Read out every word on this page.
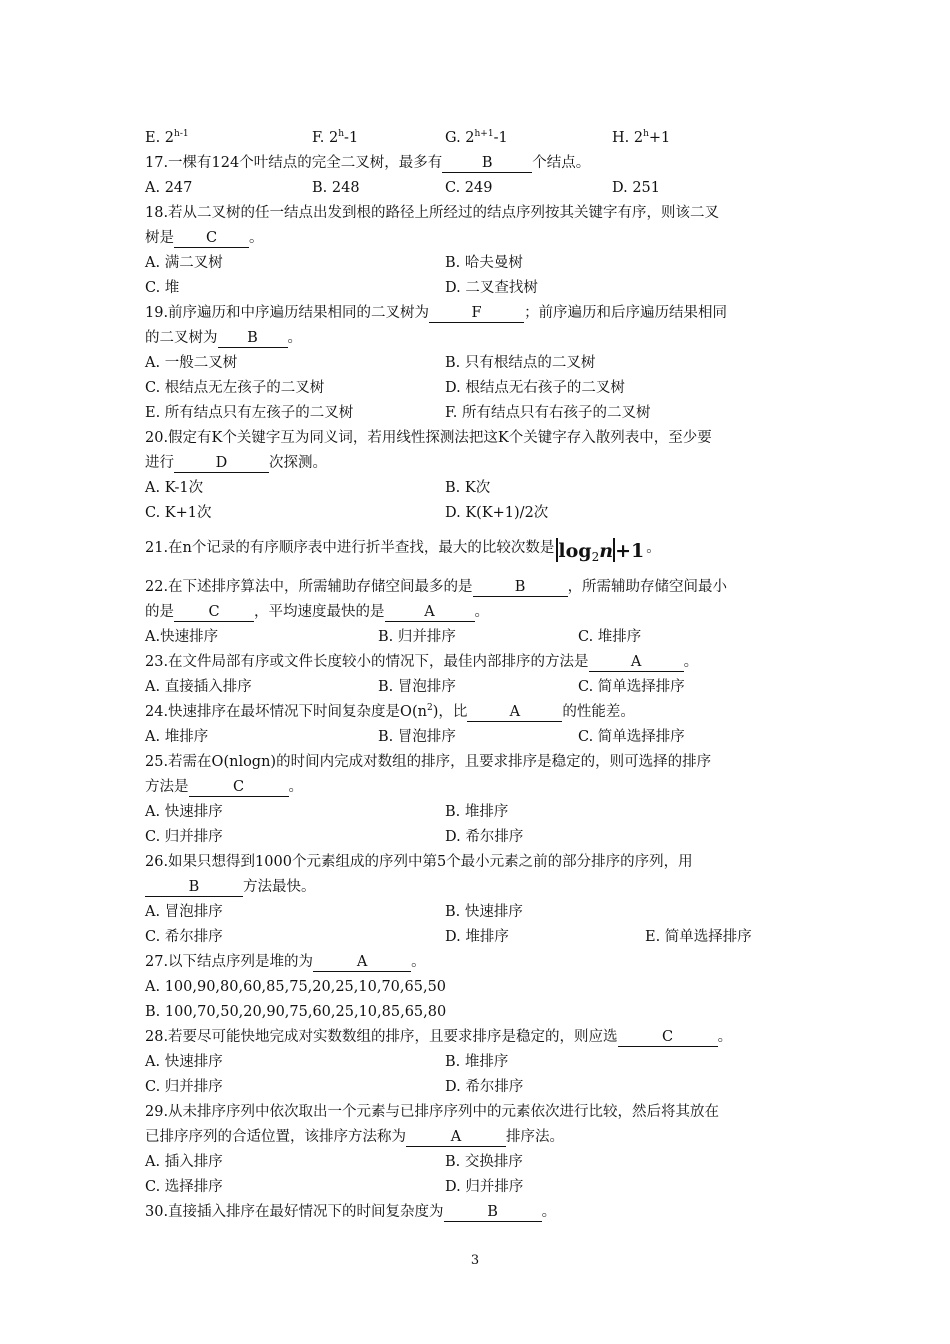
E. 2$^{h-1}$	F. 2$^h$-1	G. $2^{h+1}-1$	H. $2^h+1$
17.一棵有124个叶结点的完全二叉树，最多有	B	个结点。
A. 247	B. 248	C. 249	D. 251
18.若从二叉树的任一结点出发到根的路径上所经过的结点序列按其关键字有序，则该二叉
树是 C 。
A. 满二叉树	B. 哈夫曼树
C. 堆	D. 二叉查找树
19.前序遍历和中序遍历结果相同的二叉树为	F	；前序遍历和后序遍历结果相同
的二叉树为 B 。
A. 一般二叉树	B. 只有根结点的二叉树
C. 根结点无左孩子的二叉树	D. 根结点无右孩子的二叉树
E. 所有结点只有左孩子的二叉树	F. 所有结点只有右孩子的二叉树
20.假定有K个关键字互为同义词，若用线性探测法把这K个关键字存入散列表中，至少要
进行	D	次探测。
A. K-1次	B. K次
C. K+1次	D. K(K+1)/2次
21.在n个记录的有序顺序表中进行折半查找，最大的比较次数是 $\log_2n +1$ 。
22.在下述排序算法中，所需辅助存储空间最多的是	B	，所需辅助存储空间最小
的是 C ，平均速度最快的是	A	。
A.快速排序	B. 归并排序	C. 堆排序
23.在文件局部有序或文件长度较小的情况下，最佳内部排序的方法是	A	。
A. 直接插入排序	B. 冒泡排序	C. 简单选择排序
24.快速排序在最坏情况下时间复杂度是$O(n^2)$，比	A	的性能差。
A. 堆排序	B. 冒泡排序	C. 简单选择排序
25.若需在O(nlogn)的时间内完成对数组的排序，且要求排序是稳定的，则可选择的排序
方法是	C	。
A. 快速排序	B. 堆排序
C. 归并排序	D. 希尔排序
26.如果只想得到1000个元素组成的序列中第5个最小元素之前的部分排序的序列，用
B	方法最快。
A. 冒泡排序	B. 快速排序
C. 希尔排序	D. 堆排序	E. 简单选择排序
27.以下结点序列是堆的为	A	。
A. 100,90,80,60,85,75,20,25,10,70,65,50
B. 100,70,50,20,90,75,60,25,10,85,65,80
28.若要尽可能快地完成对实数数组的排序，且要求排序是稳定的，则应选	C	。
A. 快速排序	B. 堆排序
C. 归并排序	D. 希尔排序
29.从未排序序列中依次取出一个元素与已排序序列中的元素依次进行比较，然后将其放在
已排序序列的合适位置，该排序方法称为	A	排序法。
A. 插入排序	B. 交换排序
C. 选择排序	D. 归并排序
30.直接插入排序在最好情况下的时间复杂度为	B	。
3
